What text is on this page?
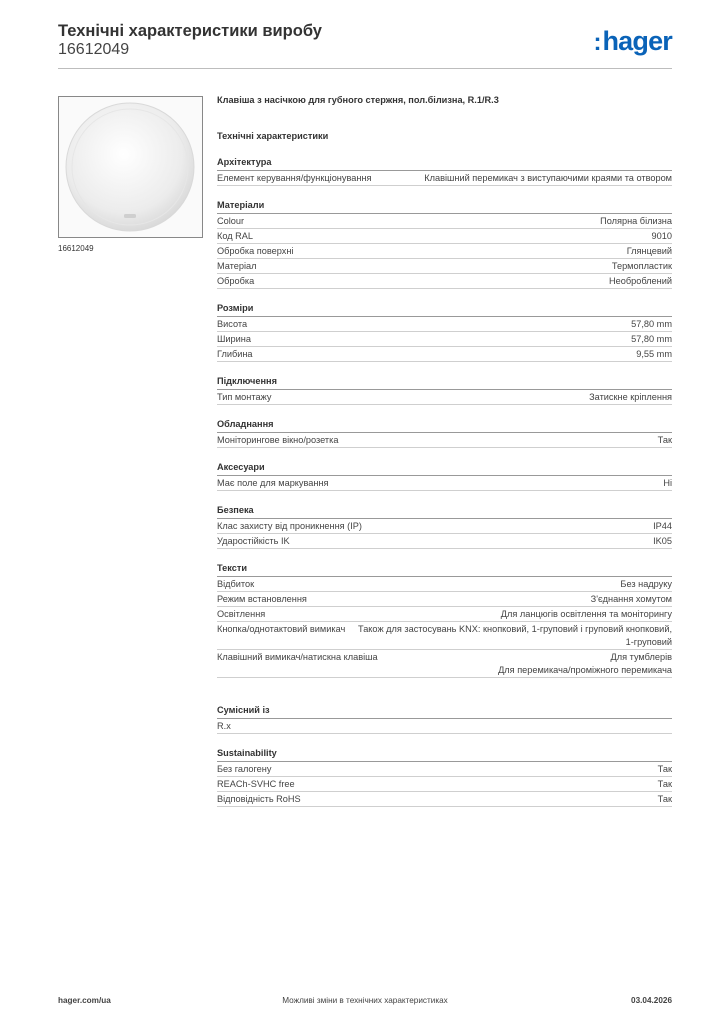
Технічні характеристики виробу
16612049	:hager
16612049
Клавіша з насічкою для губного стержня, пол.білизна, R.1/R.3
Технічні характеристики
Архітектура
Елемент керування/функціонування	Клавішний перемикач з виступаючими краями та отвором
Матеріали
Colour	Полярна білизна
Код RAL	9010
Обробка поверхні	Глянцевий
Матеріал	Термопластик
Обробка	Необроблений
Розміри
Висота	57,80 mm
Ширина	57,80 mm
Глибина	9,55 mm
Підключення
Тип монтажу	Затискне кріплення
Обладнання
Моніторингове вікно/розетка	Так
Аксесуари
Має поле для маркування	Ні
Безпека
Клас захисту від проникнення (IP)	IP44
Ударостійкість IK	IK05
Тексти
Відбиток	Без надруку
Режим встановлення	З'єднання хомутом
Освітлення	Для ланцюгів освітлення та моніторингу
Кнопка/однотактовий вимикач	Також для застосувань KNX: кнопковий, 1-груповий і груповий кнопковий, 1-груповий
Клавішний вимикач/натискна клавіша	Для тумблерів
Для перемикача/проміжного перемикача
Сумісний із
R.x
Sustainability
Без галогену	Так
REACh-SVHC free	Так
Відповідність RoHS	Так
hager.com/ua	Можливі зміни в технічних характеристиках	03.04.2026
